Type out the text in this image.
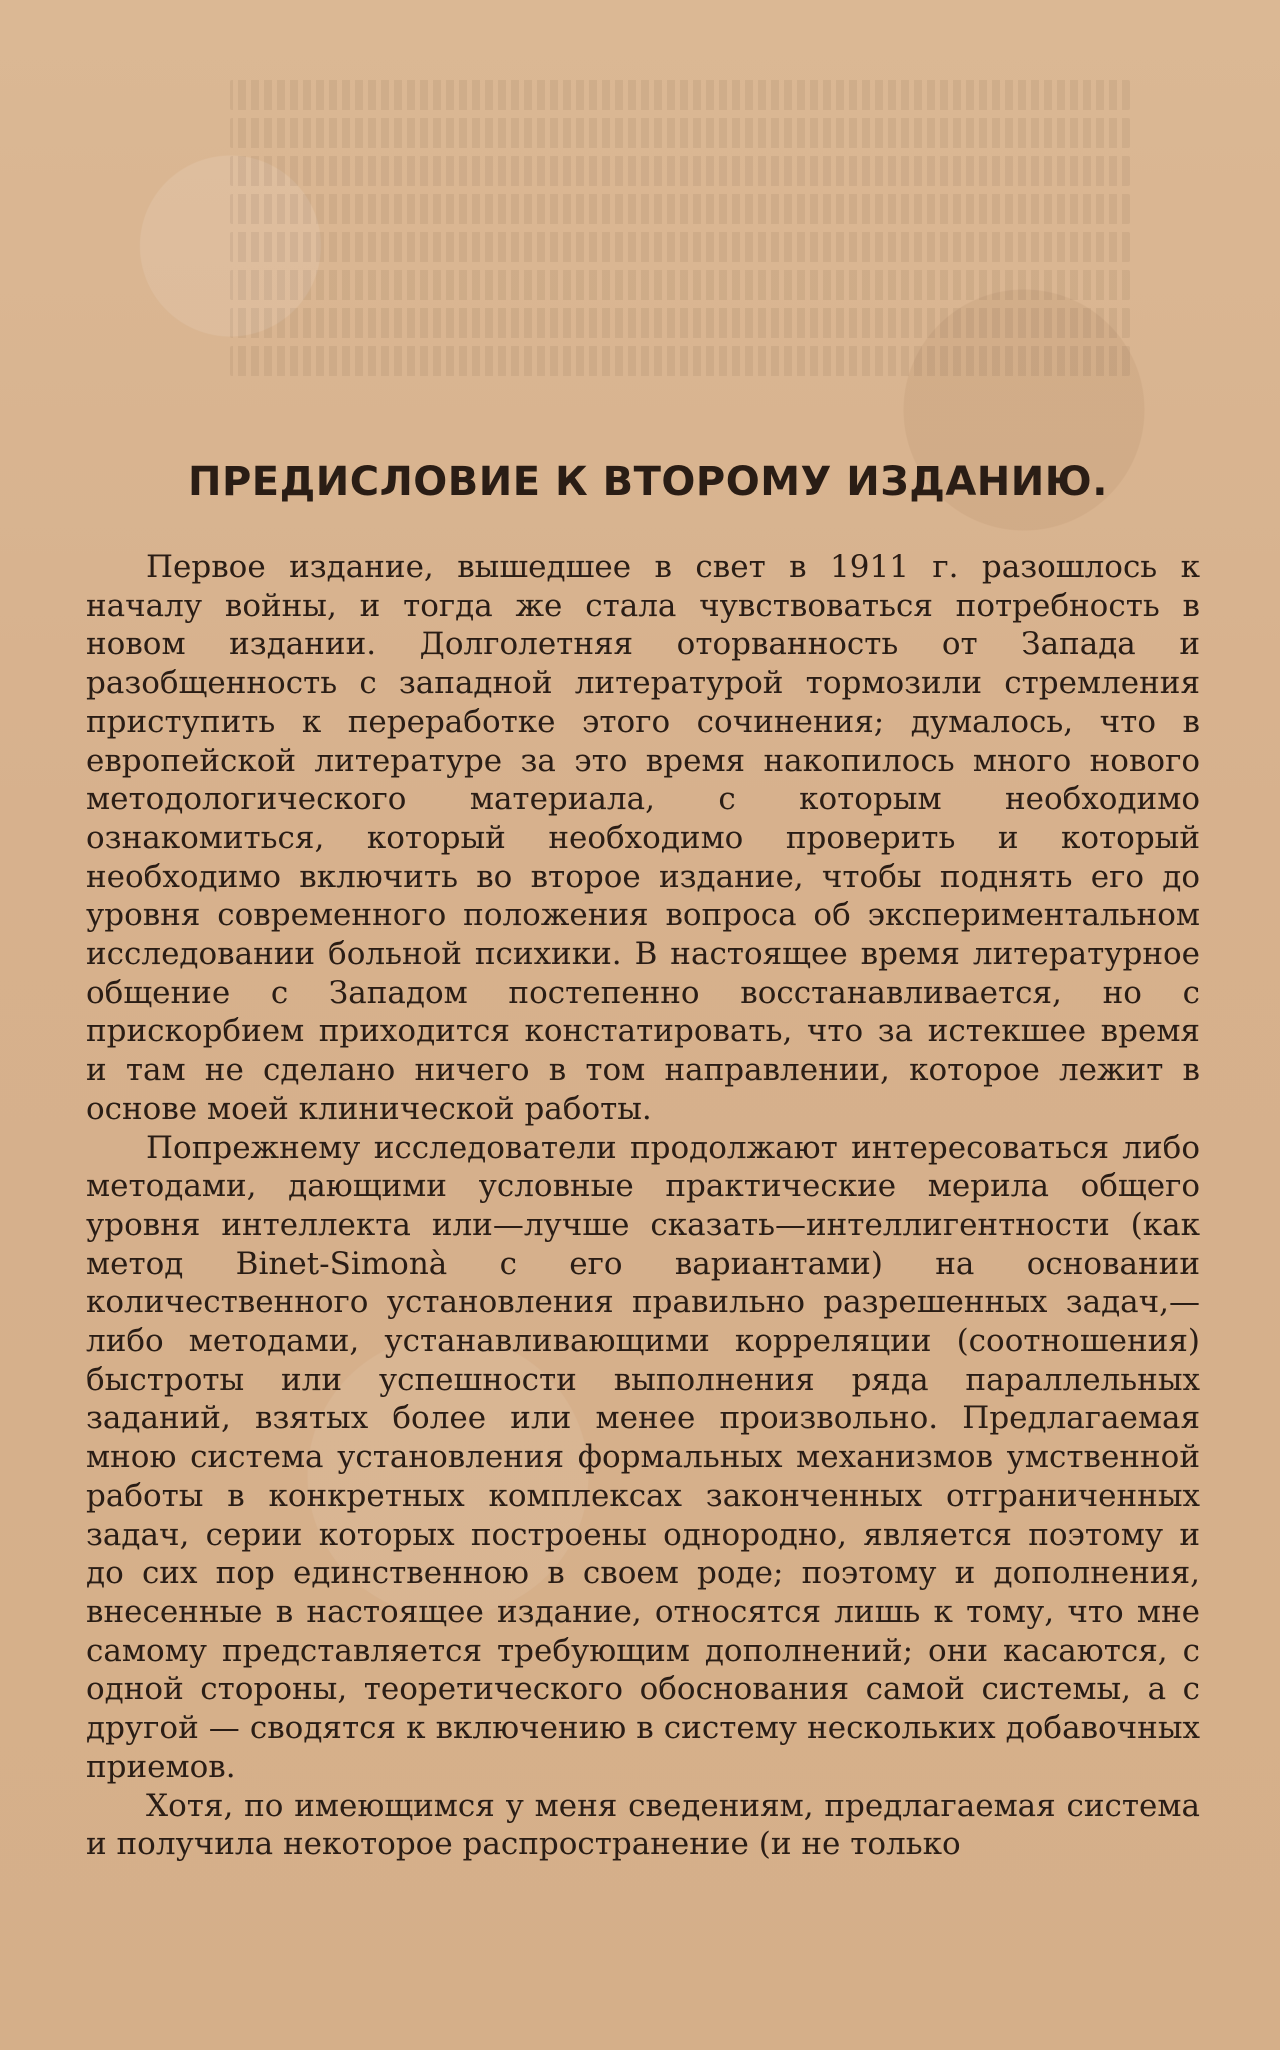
ПРЕДИСЛОВИЕ К ВТОРОМУ ИЗДАНИЮ.

Первое издание, вышедшее в свет в 1911 г. разошлось к началу войны, и тогда же стала чувствоваться потребность в новом издании. Долголетняя оторванность от Запада и разобщенность с западной литературой тормозили стремления приступить к переработке этого сочинения; думалось, что в европейской литературе за это время накопилось много нового методологического материала, с которым необходимо ознакомиться, который необходимо проверить и который необходимо включить во второе издание, чтобы поднять его до уровня современного положения вопроса об экспериментальном исследовании больной психики. В настоящее время литературное общение с Западом постепенно восстанавливается, но с прискорбием приходится констатировать, что за истекшее время и там не сделано ничего в том направлении, которое лежит в основе моей клинической работы.

Попрежнему исследователи продолжают интересоваться либо методами, дающими условные практические мерила общего уровня интеллекта или—лучше сказать—интеллигентности (как метод Binet-Simonà с его вариантами) на основании количественного установления правильно разрешенных задач,—либо методами, устанавливающими корреляции (соотношения) быстроты или успешности выполнения ряда параллельных заданий, взятых более или менее произвольно. Предлагаемая мною система установления формальных механизмов умственной работы в конкретных комплексах законченных отграниченных задач, серии которых построены однородно, является поэтому и до сих пор единственною в своем роде; поэтому и дополнения, внесенные в настоящее издание, относятся лишь к тому, что мне самому представляется требующим дополнений; они касаются, с одной стороны, теоретического обоснования самой системы, а с другой — сводятся к включению в систему нескольких добавочных приемов.

Хотя, по имеющимся у меня сведениям, предлагаемая система и получила некоторое распространение (и не только
